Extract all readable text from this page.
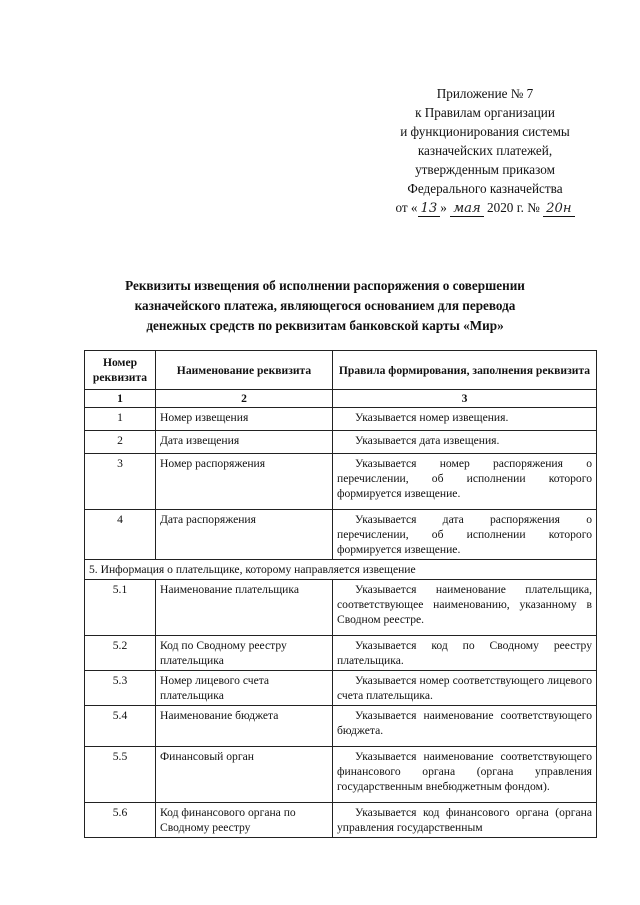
Приложение № 7
к Правилам организации
и функционирования системы
казначейских платежей,
утвержденным приказом
Федерального казначейства
от « 13 » мая 2020 г. № 20н
Реквизиты извещения об исполнении распоряжения о совершении
казначейского платежа, являющегося основанием для перевода
денежных средств по реквизитам банковской карты «Мир»
Номер реквизита	Наименование реквизита	Правила формирования, заполнения реквизита
1	2	3
1	Номер извещения	Указывается номер извещения.
2	Дата извещения	Указывается дата извещения.
3	Номер распоряжения	Указывается номер распоряжения о перечислении, об исполнении которого формируется извещение.
4	Дата распоряжения	Указывается дата распоряжения о перечислении, об исполнении которого формируется извещение.
5. Информация о плательщике, которому направляется извещение		
5.1	Наименование плательщика	Указывается наименование плательщика, соответствующее наименованию, указанному в Сводном реестре.
5.2	Код по Сводному реестру плательщика	Указывается код по Сводному реестру плательщика.
5.3	Номер лицевого счета плательщика	Указывается номер соответствующего лицевого счета плательщика.
5.4	Наименование бюджета	Указывается наименование соответствующего бюджета.
5.5	Финансовый орган	Указывается наименование соответствующего финансового органа (органа управления государственным внебюджетным фондом).
5.6	Код финансового органа по Сводному реестру	Указывается код финансового органа (органа управления государственным
